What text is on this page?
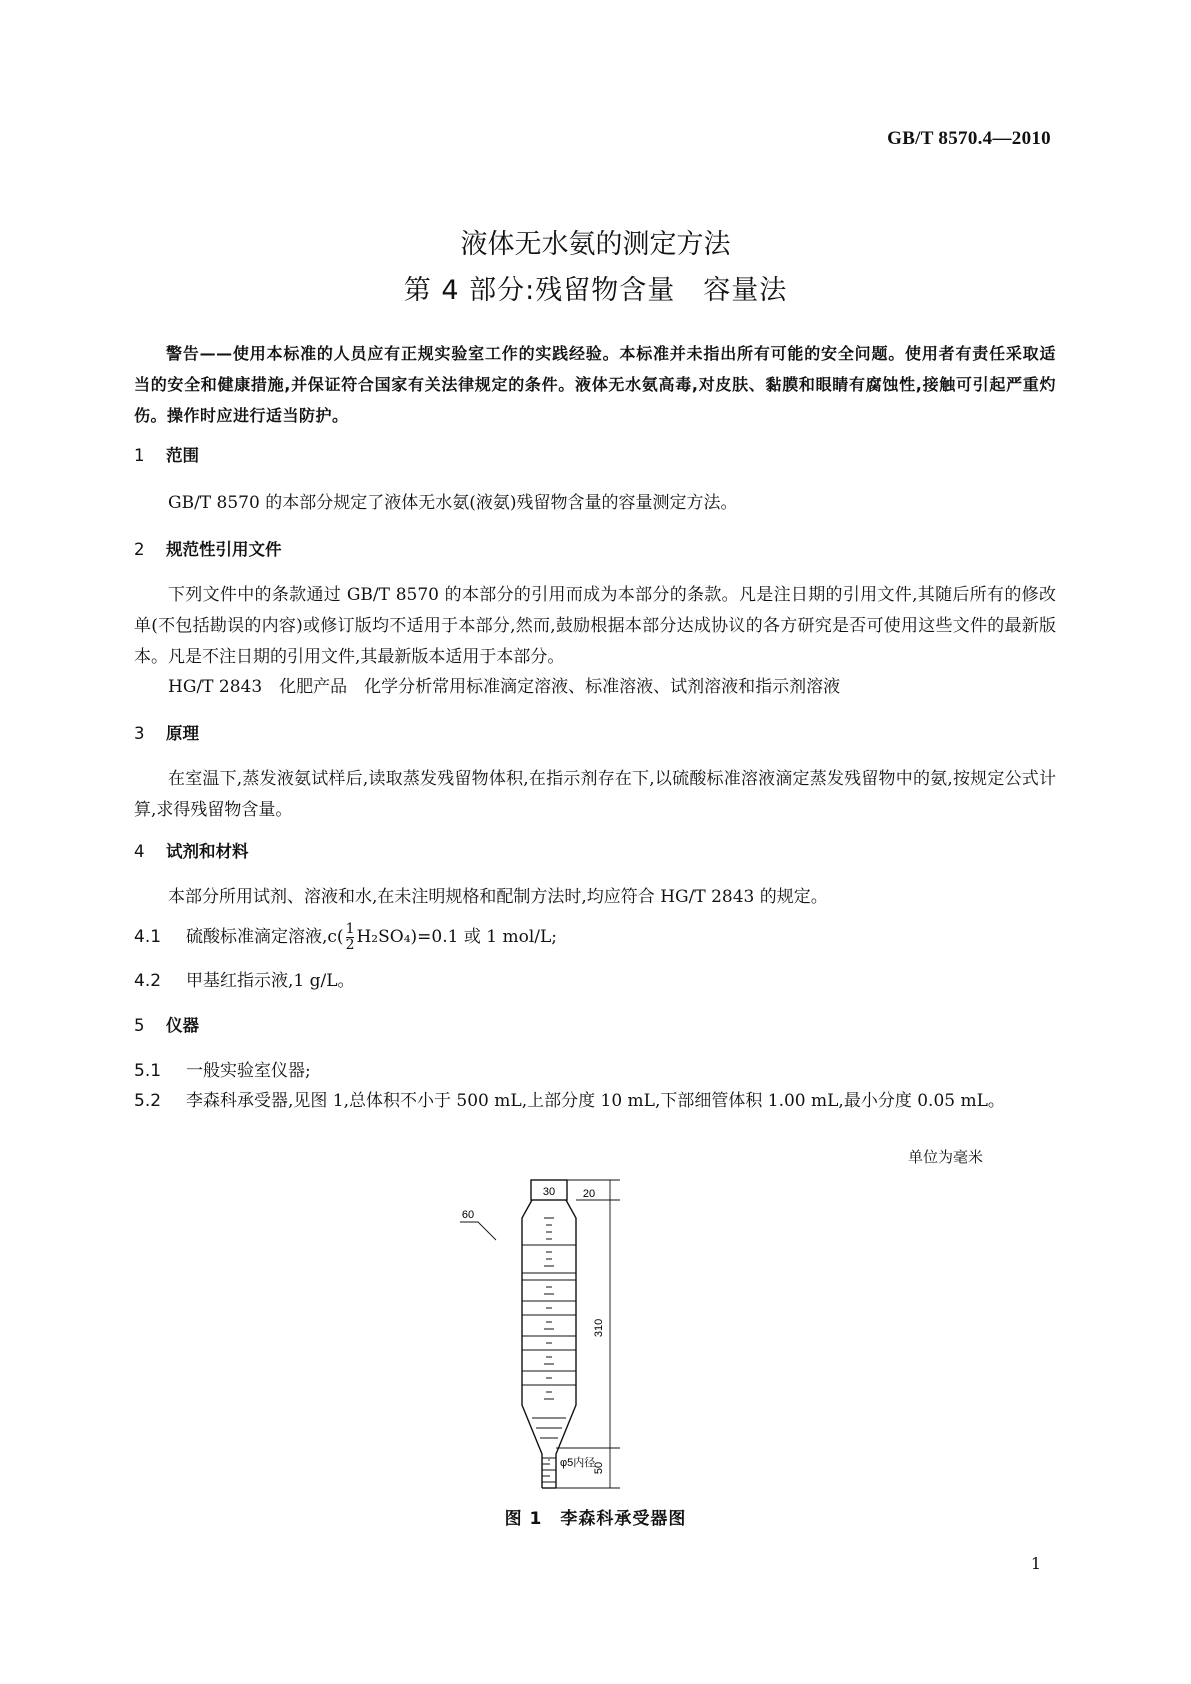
GB/T 8570.4—2010
液体无水氨的测定方法
第 4 部分:残留物含量　容量法
警告——使用本标准的人员应有正规实验室工作的实践经验。本标准并未指出所有可能的安全问题。使用者有责任采取适当的安全和健康措施,并保证符合国家有关法律规定的条件。液体无水氨高毒,对皮肤、黏膜和眼睛有腐蚀性,接触可引起严重灼伤。操作时应进行适当防护。
1 范围
GB/T 8570 的本部分规定了液体无水氨(液氨)残留物含量的容量测定方法。
2 规范性引用文件
下列文件中的条款通过 GB/T 8570 的本部分的引用而成为本部分的条款。凡是注日期的引用文件,其随后所有的修改单(不包括勘误的内容)或修订版均不适用于本部分,然而,鼓励根据本部分达成协议的各方研究是否可使用这些文件的最新版本。凡是不注日期的引用文件,其最新版本适用于本部分。
HG/T 2843　化肥产品　化学分析常用标准滴定溶液、标准溶液、试剂溶液和指示剂溶液
3 原理
在室温下,蒸发液氨试样后,读取蒸发残留物体积,在指示剂存在下,以硫酸标准溶液滴定蒸发残留物中的氨,按规定公式计算,求得残留物含量。
4 试剂和材料
本部分所用试剂、溶液和水,在未注明规格和配制方法时,均应符合 HG/T 2843 的规定。
4.1 硫酸标准滴定溶液$,c( \frac{1}{2} H_2SO_4)=0.1$ 或 1 mol/L;
4.2 甲基红指示液,1 g/L。
5 仪器
5.1 一般实验室仪器;
5.2 李森科承受器,见图 1,总体积不小于 500 mL,上部分度 10 mL,下部细管体积 1.00 mL,最小分度 0.05 mL。
单位为毫米
30	20
60
310
50
φ5内径
图 1　李森科承受器图
1
